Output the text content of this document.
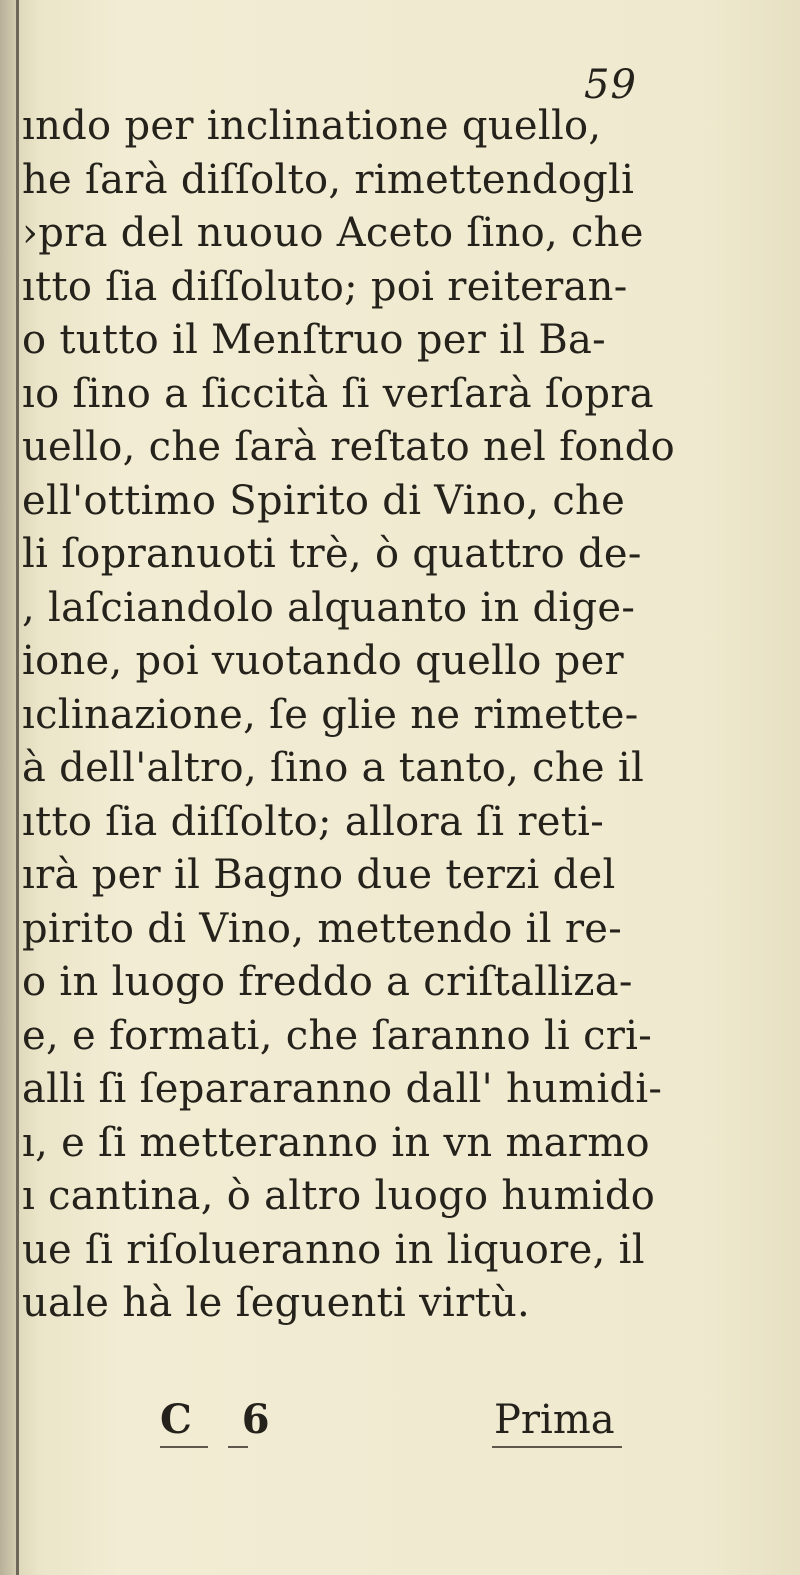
59
ındo per inclinatione quello,
he ſarà diſſolto, rimettendogli
›pra del nuouo Aceto ſino, che
ıtto ſia diſſoluto; poi reiteran-
o tutto il Menſtruo per il Ba-
ıo ſino a ſiccità ſi verſarà ſopra
uello, che ſarà reſtato nel fondo
ell'ottimo Spirito di Vino, che
li ſopranuoti trè, ò quattro de-
, laſciandolo alquanto in dige-
ione, poi vuotando quello per
ıclinazione, ſe glie ne rimette-
à dell'altro, ſino a tanto, che il
ıtto ſia diſſolto; allora ſi reti-
ırà per il Bagno due terzi del
pirito di Vino, mettendo il re-
o in luogo freddo a criſtalliza-
e, e formati, che ſaranno li cri-
alli ſi ſepararanno dall' humidi-
ı, e ſi metteranno in vn marmo
ı cantina, ò altro luogo humido
ue ſi riſolueranno in liquore, il
uale hà le ſeguenti virtù.
C 6	Prima
